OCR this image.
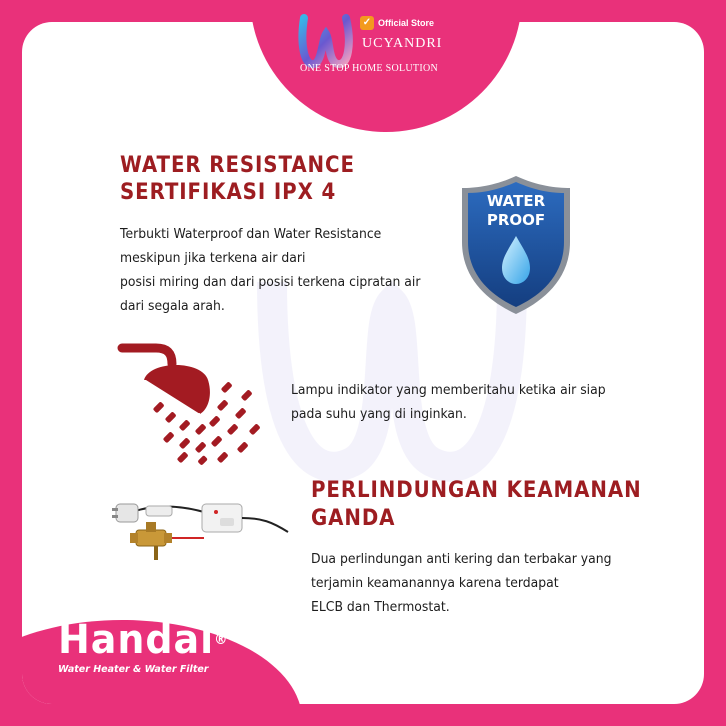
WATER RESISTANCE
SERTIFIKASI IPX 4
Terbukti Waterproof dan Water Resistance
meskipun jika terkena air dari
posisi miring dan dari posisi terkena cipratan air
dari segala arah.
WATER
PROOF
Lampu indikator yang memberitahu ketika air siap
pada suhu yang di inginkan.
PERLINDUNGAN KEAMANAN
GANDA
Dua perlindungan anti kering dan terbakar yang
terjamin keamanannya karena terdapat
ELCB dan Thermostat.
✓ Official Store
UCYANDRI
ONE STOP HOME SOLUTION
Handal®
Water Heater & Water Filter
